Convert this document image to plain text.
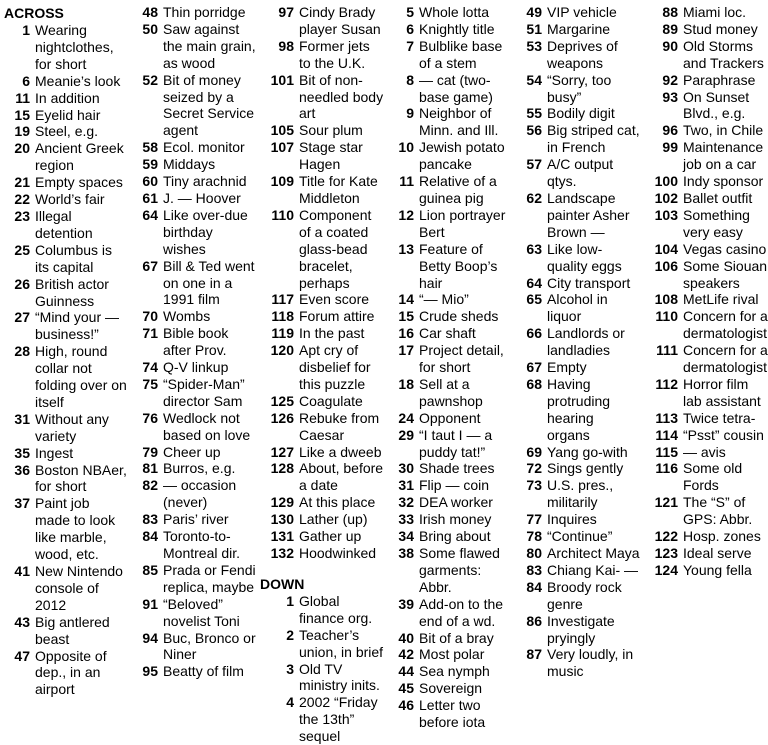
ACROSS
1 Wearing nightclothes, for short
6 Meanie’s look
11 In addition
15 Eyelid hair
19 Steel, e.g.
20 Ancient Greek region
21 Empty spaces
22 World’s fair
23 Illegal detention
25 Columbus is its capital
26 British actor Guinness
27 “Mind your — business!”
28 High, round collar not folding over on itself
31 Without any variety
35 Ingest
36 Boston NBAer, for short
37 Paint job made to look like marble, wood, etc.
41 New Nintendo console of 2012
43 Big antlered beast
47 Opposite of dep., in an airport
48 Thin porridge
50 Saw against the main grain, as wood
52 Bit of money seized by a Secret Service agent
58 Ecol. monitor
59 Middays
60 Tiny arachnid
61 J. — Hoover
64 Like over-due birthday wishes
67 Bill & Ted went on one in a 1991 film
70 Wombs
71 Bible book after Prov.
74 Q-V linkup
75 “Spider-Man” director Sam
76 Wedlock not based on love
79 Cheer up
81 Burros, e.g.
82 — occasion (never)
83 Paris’ river
84 Toronto-to-Montreal dir.
85 Prada or Fendi replica, maybe
91 “Beloved” novelist Toni
94 Buc, Bronco or Niner
95 Beatty of film
97 Cindy Brady player Susan
98 Former jets to the U.K.
101 Bit of non-needled body art
105 Sour plum
107 Stage star Hagen
109 Title for Kate Middleton
110 Component of a coated glass-bead bracelet, perhaps
117 Even score
118 Forum attire
119 In the past
120 Apt cry of disbelief for this puzzle
125 Coagulate
126 Rebuke from Caesar
127 Like a dweeb
128 About, before a date
129 At this place
130 Lather (up)
131 Gather up
132 Hoodwinked
DOWN
1 Global finance org.
2 Teacher’s union, in brief
3 Old TV ministry inits.
4 2002 “Friday the 13th” sequel
5 Whole lotta
6 Knightly title
7 Bulblike base of a stem
8 — cat (two-base game)
9 Neighbor of Minn. and Ill.
10 Jewish potato pancake
11 Relative of a guinea pig
12 Lion portrayer Bert
13 Feature of Betty Boop’s hair
14 “— Mio”
15 Crude sheds
16 Car shaft
17 Project detail, for short
18 Sell at a pawnshop
24 Opponent
29 “I taut I — a puddy tat!”
30 Shade trees
31 Flip — coin
32 DEA worker
33 Irish money
34 Bring about
38 Some flawed garments: Abbr.
39 Add-on to the end of a wd.
40 Bit of a bray
42 Most polar
44 Sea nymph
45 Sovereign
46 Letter two before iota
49 VIP vehicle
51 Margarine
53 Deprives of weapons
54 “Sorry, too busy”
55 Bodily digit
56 Big striped cat, in French
57 A/C output qtys.
62 Landscape painter Asher Brown —
63 Like low-quality eggs
64 City transport
65 Alcohol in liquor
66 Landlords or landladies
67 Empty
68 Having protruding hearing organs
69 Yang go-with
72 Sings gently
73 U.S. pres., militarily
77 Inquires
78 “Continue”
80 Architect Maya
83 Chiang Kai- —
84 Broody rock genre
86 Investigate pryingly
87 Very loudly, in music
88 Miami loc.
89 Stud money
90 Old Storms and Trackers
92 Paraphrase
93 On Sunset Blvd., e.g.
96 Two, in Chile
99 Maintenance job on a car
100 Indy sponsor
102 Ballet outfit
103 Something very easy
104 Vegas casino
106 Some Siouan speakers
108 MetLife rival
110 Concern for a dermatologist
111 Concern for a dermatologist
112 Horror film lab assistant
113 Twice tetra-
114 “Psst” cousin
115 — avis
116 Some old Fords
121 The “S” of GPS: Abbr.
122 Hosp. zones
123 Ideal serve
124 Young fella
